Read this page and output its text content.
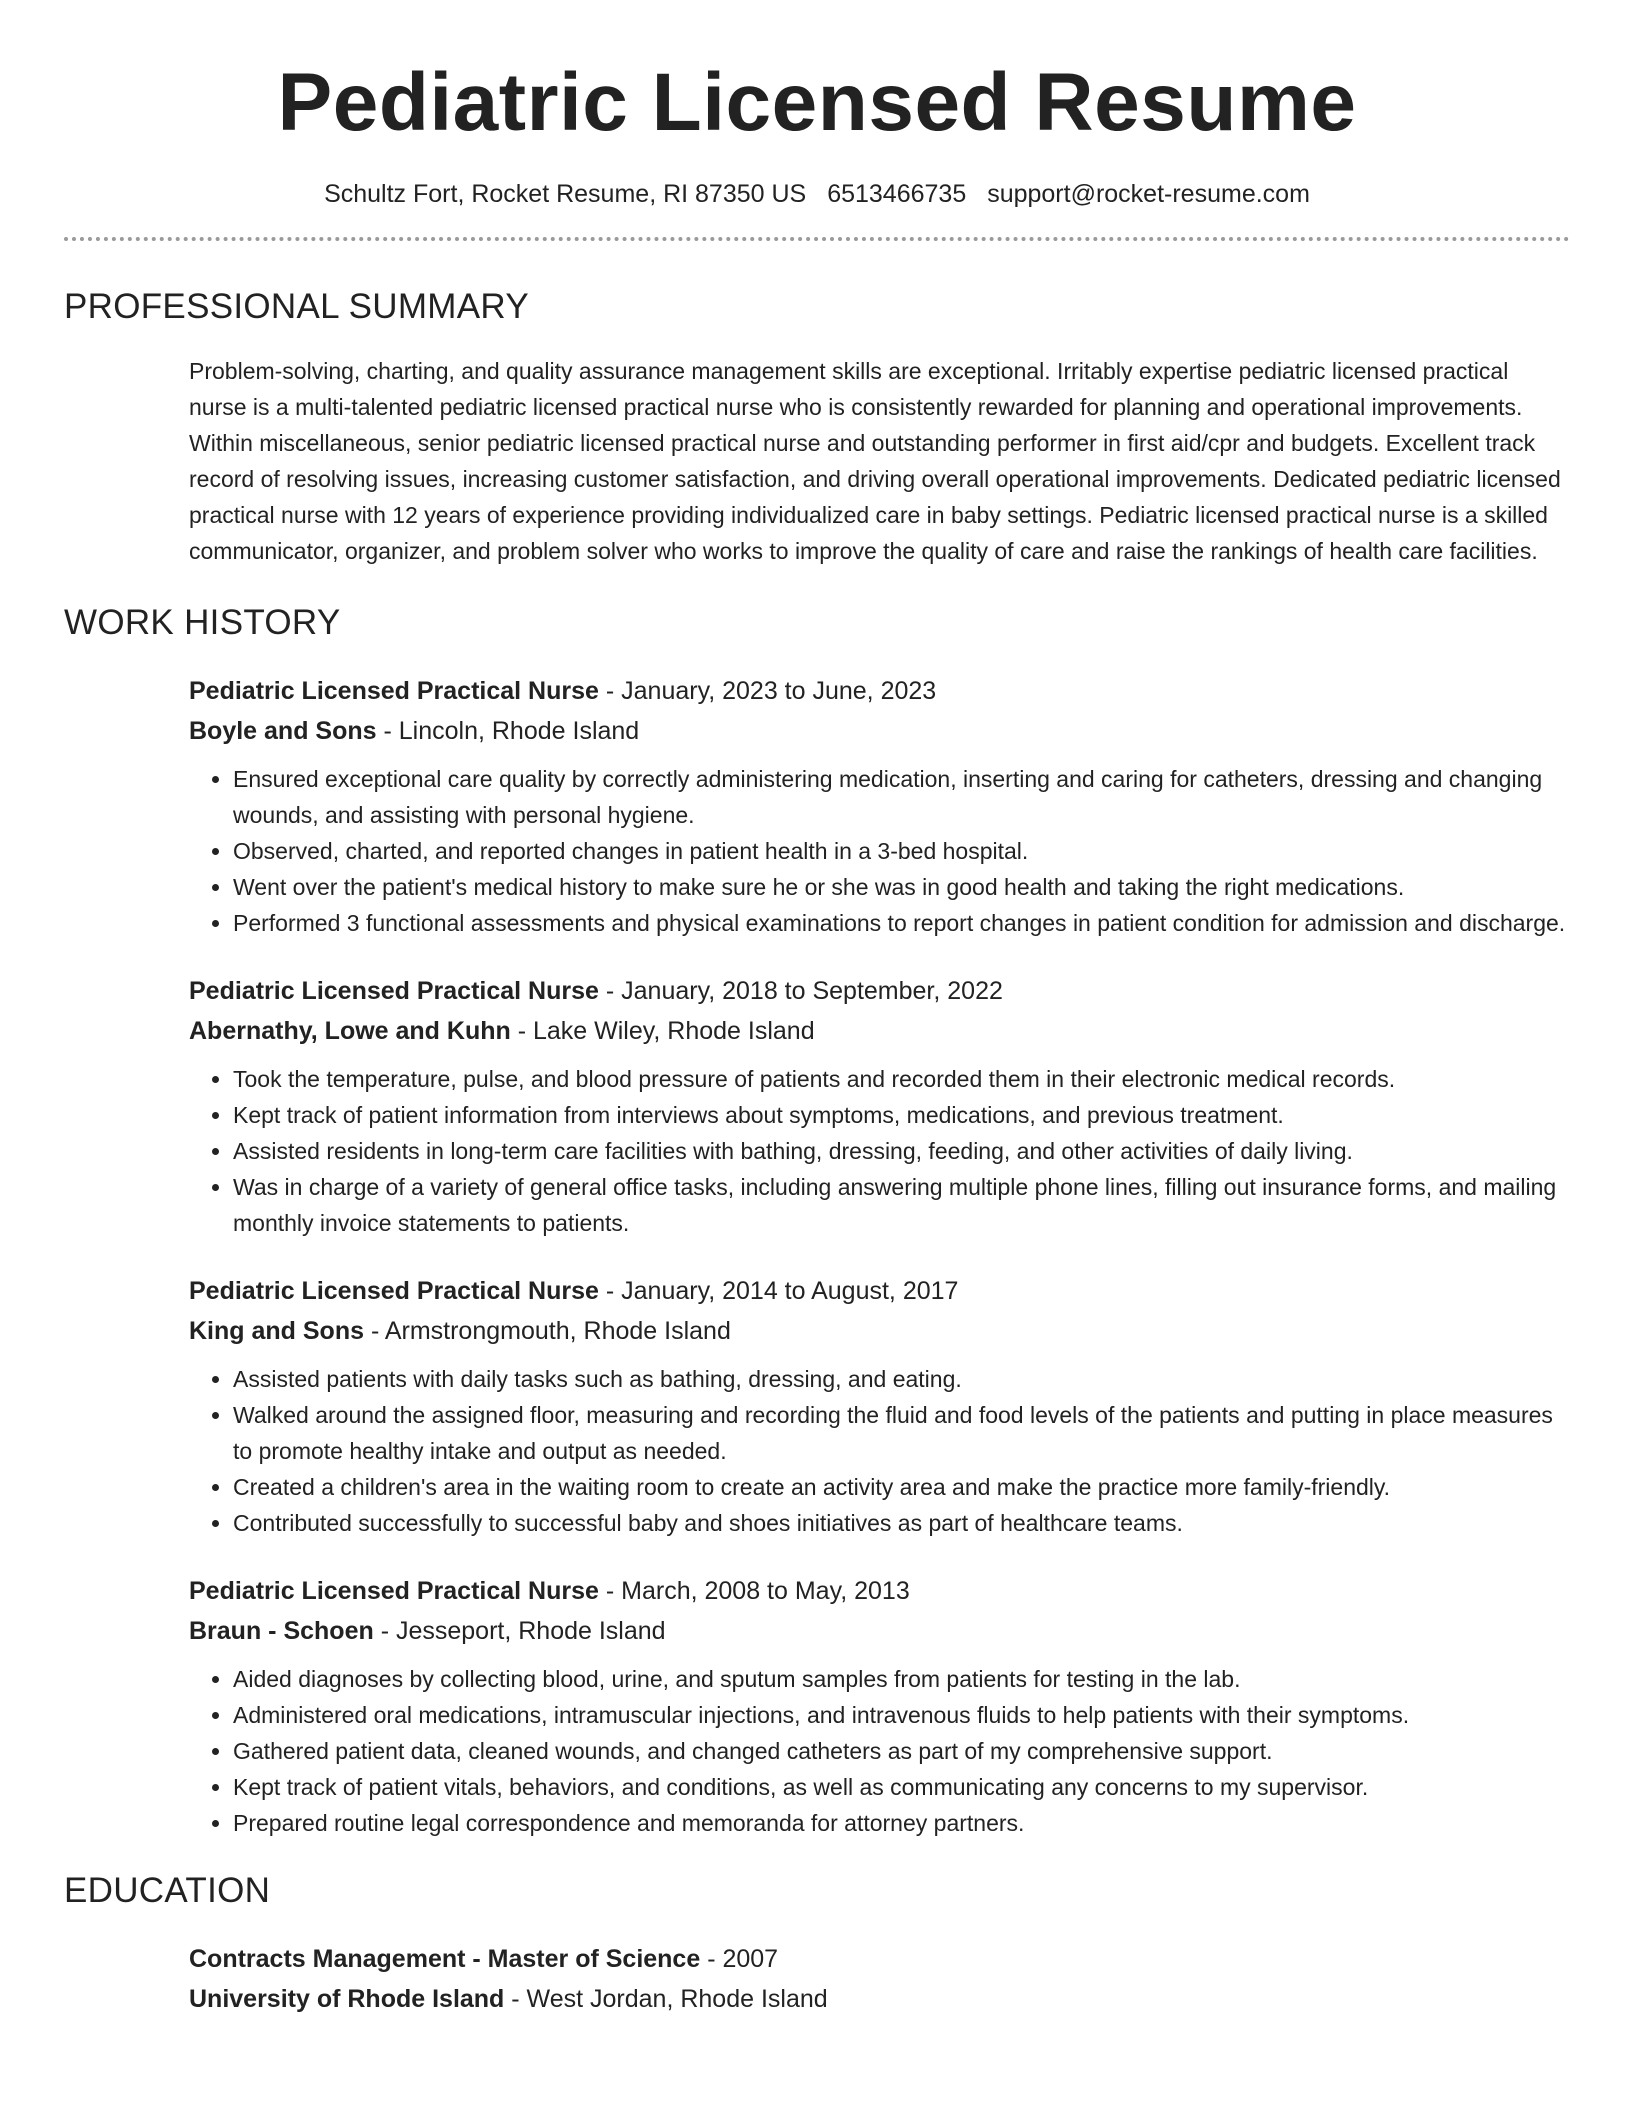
Pediatric Licensed Resume
Schultz Fort, Rocket Resume, RI 87350 US 6513466735 support@rocket-resume.com
PROFESSIONAL SUMMARY

Problem-solving, charting, and quality assurance management skills are exceptional. Irritably expertise pediatric licensed practical nurse is a multi-talented pediatric licensed practical nurse who is consistently rewarded for planning and operational improvements. Within miscellaneous, senior pediatric licensed practical nurse and outstanding performer in first aid/cpr and budgets. Excellent track record of resolving issues, increasing customer satisfaction, and driving overall operational improvements. Dedicated pediatric licensed practical nurse with 12 years of experience providing individualized care in baby settings. Pediatric licensed practical nurse is a skilled communicator, organizer, and problem solver who works to improve the quality of care and raise the rankings of health care facilities.

WORK HISTORY
Pediatric Licensed Practical Nurse - January, 2023 to June, 2023
Boyle and Sons - Lincoln, Rhode Island
• Ensured exceptional care quality by correctly administering medication, inserting and caring for catheters, dressing and changing wounds, and assisting with personal hygiene.
• Observed, charted, and reported changes in patient health in a 3-bed hospital.
• Went over the patient's medical history to make sure he or she was in good health and taking the right medications.
• Performed 3 functional assessments and physical examinations to report changes in patient condition for admission and discharge.
Pediatric Licensed Practical Nurse - January, 2018 to September, 2022
Abernathy, Lowe and Kuhn - Lake Wiley, Rhode Island
• Took the temperature, pulse, and blood pressure of patients and recorded them in their electronic medical records.
• Kept track of patient information from interviews about symptoms, medications, and previous treatment.
• Assisted residents in long-term care facilities with bathing, dressing, feeding, and other activities of daily living.
• Was in charge of a variety of general office tasks, including answering multiple phone lines, filling out insurance forms, and mailing monthly invoice statements to patients.
Pediatric Licensed Practical Nurse - January, 2014 to August, 2017
King and Sons - Armstrongmouth, Rhode Island
• Assisted patients with daily tasks such as bathing, dressing, and eating.
• Walked around the assigned floor, measuring and recording the fluid and food levels of the patients and putting in place measures to promote healthy intake and output as needed.
• Created a children's area in the waiting room to create an activity area and make the practice more family-friendly.
• Contributed successfully to successful baby and shoes initiatives as part of healthcare teams.
Pediatric Licensed Practical Nurse - March, 2008 to May, 2013
Braun - Schoen - Jesseport, Rhode Island
• Aided diagnoses by collecting blood, urine, and sputum samples from patients for testing in the lab.
• Administered oral medications, intramuscular injections, and intravenous fluids to help patients with their symptoms.
• Gathered patient data, cleaned wounds, and changed catheters as part of my comprehensive support.
• Kept track of patient vitals, behaviors, and conditions, as well as communicating any concerns to my supervisor.
• Prepared routine legal correspondence and memoranda for attorney partners.
EDUCATION
Contracts Management - Master of Science - 2007
University of Rhode Island - West Jordan, Rhode Island
